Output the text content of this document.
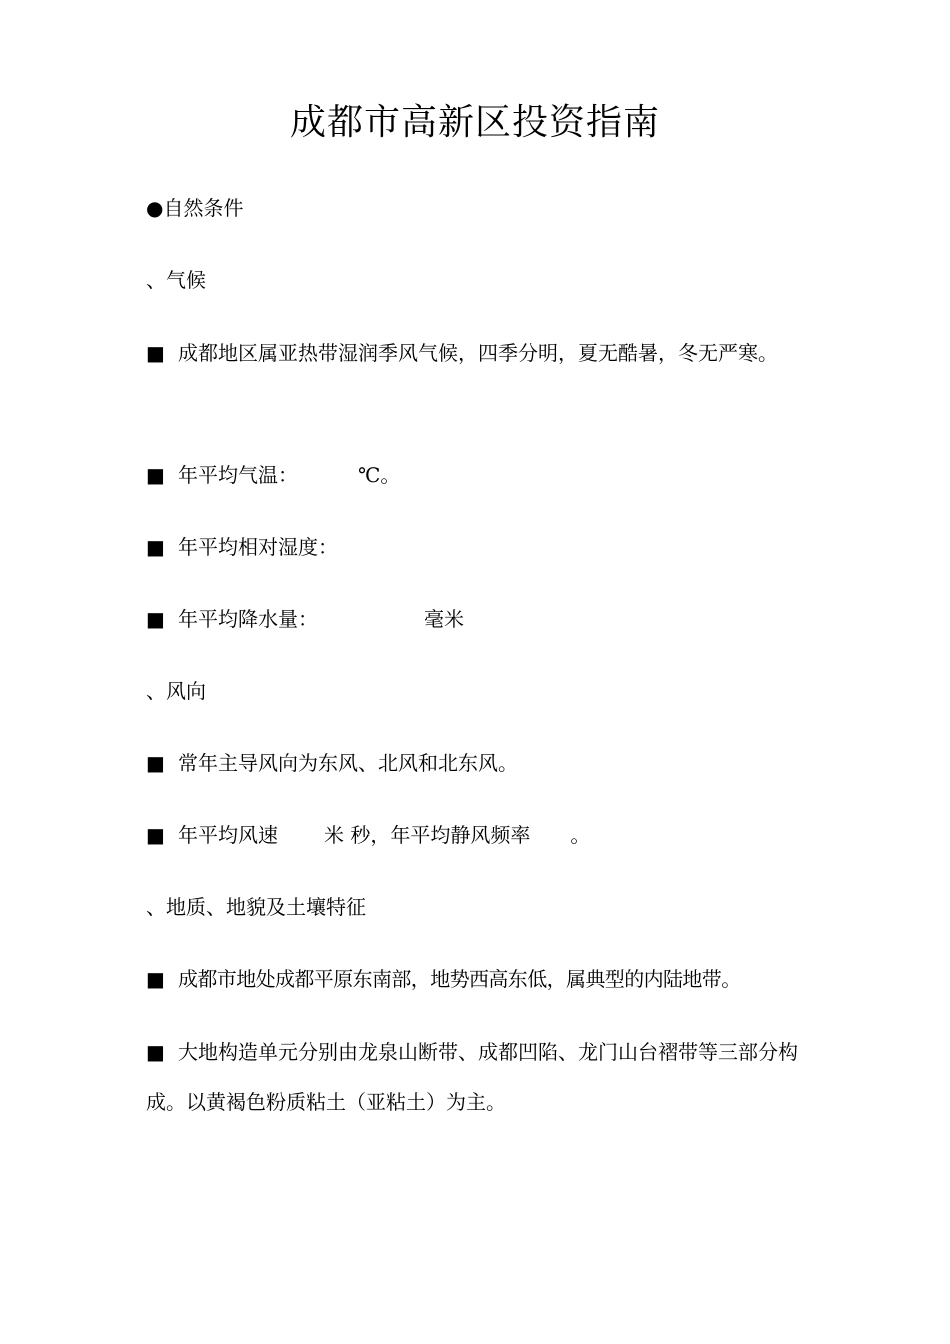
成都市高新区投资指南
●自然条件
、气候
■ 成都地区属亚热带湿润季风气候，四季分明，夏无酷暑，冬无严寒。
■ 年平均气温：	℃。
■ 年平均相对湿度：
■ 年平均降水量：	毫米
、风向
■ 常年主导风向为东风、北风和北东风。
■ 年平均风速 米 秒，年平均静风频率 。
、地质、地貌及土壤特征
■ 成都市地处成都平原东南部，地势西高东低，属典型的内陆地带。
■ 大地构造单元分别由龙泉山断带、成都凹陷、龙门山台褶带等三部分构成。以黄褐色粉质粘土（亚粘土）为主。
